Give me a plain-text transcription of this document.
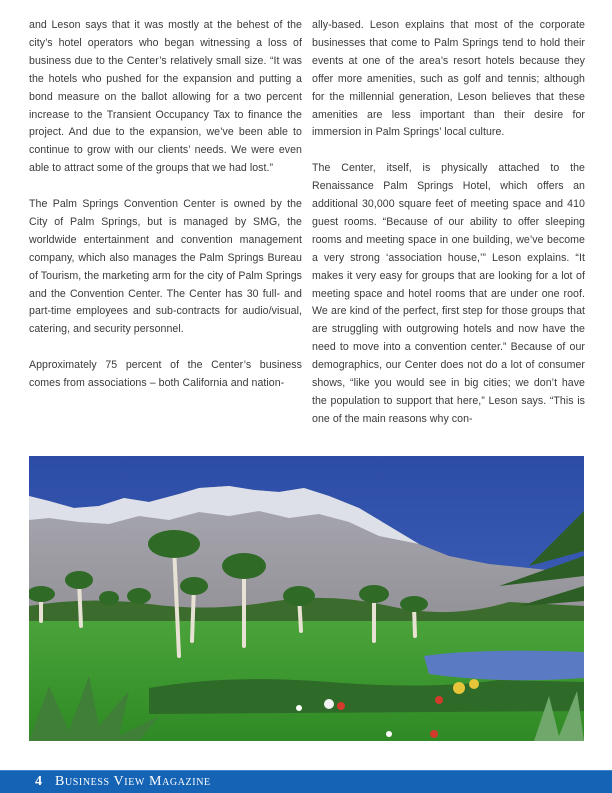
and Leson says that it was mostly at the behest of the city’s hotel operators who began witnessing a loss of business due to the Center’s relatively small size. “It was the hotels who pushed for the expansion and putting a bond measure on the ballot allowing for a two percent increase to the Transient Occupancy Tax to finance the project. And due to the expansion, we’ve been able to continue to grow with our clients’ needs. We were even able to attract some of the groups that we had lost.”

The Palm Springs Convention Center is owned by the City of Palm Springs, but is managed by SMG, the worldwide entertainment and convention management company, which also manages the Palm Springs Bureau of Tourism, the marketing arm for the city of Palm Springs and the Convention Center. The Center has 30 full- and part-time employees and sub-contracts for audio/visual, catering, and security personnel.

Approximately 75 percent of the Center’s business comes from associations – both California and nation-

ally-based. Leson explains that most of the corporate businesses that come to Palm Springs tend to hold their events at one of the area’s resort hotels because they offer more amenities, such as golf and tennis; although for the millennial generation, Leson believes that these amenities are less important than their desire for immersion in Palm Springs’ local culture.

The Center, itself, is physically attached to the Renaissance Palm Springs Hotel, which offers an additional 30,000 square feet of meeting space and 410 guest rooms. “Because of our ability to offer sleeping rooms and meeting space in one building, we’ve become a very strong ‘association house,’” Leson explains. “It makes it very easy for groups that are looking for a lot of meeting space and hotel rooms that are under one roof. We are kind of the perfect, first step for those groups that are struggling with outgrowing hotels and now have the need to move into a convention center.” Because of our demographics, our Center does not do a lot of consumer shows, “like you would see in big cities; we don’t have the population to support that here,” Leson says. “This is one of the main reasons why con-

4 Business View Magazine
